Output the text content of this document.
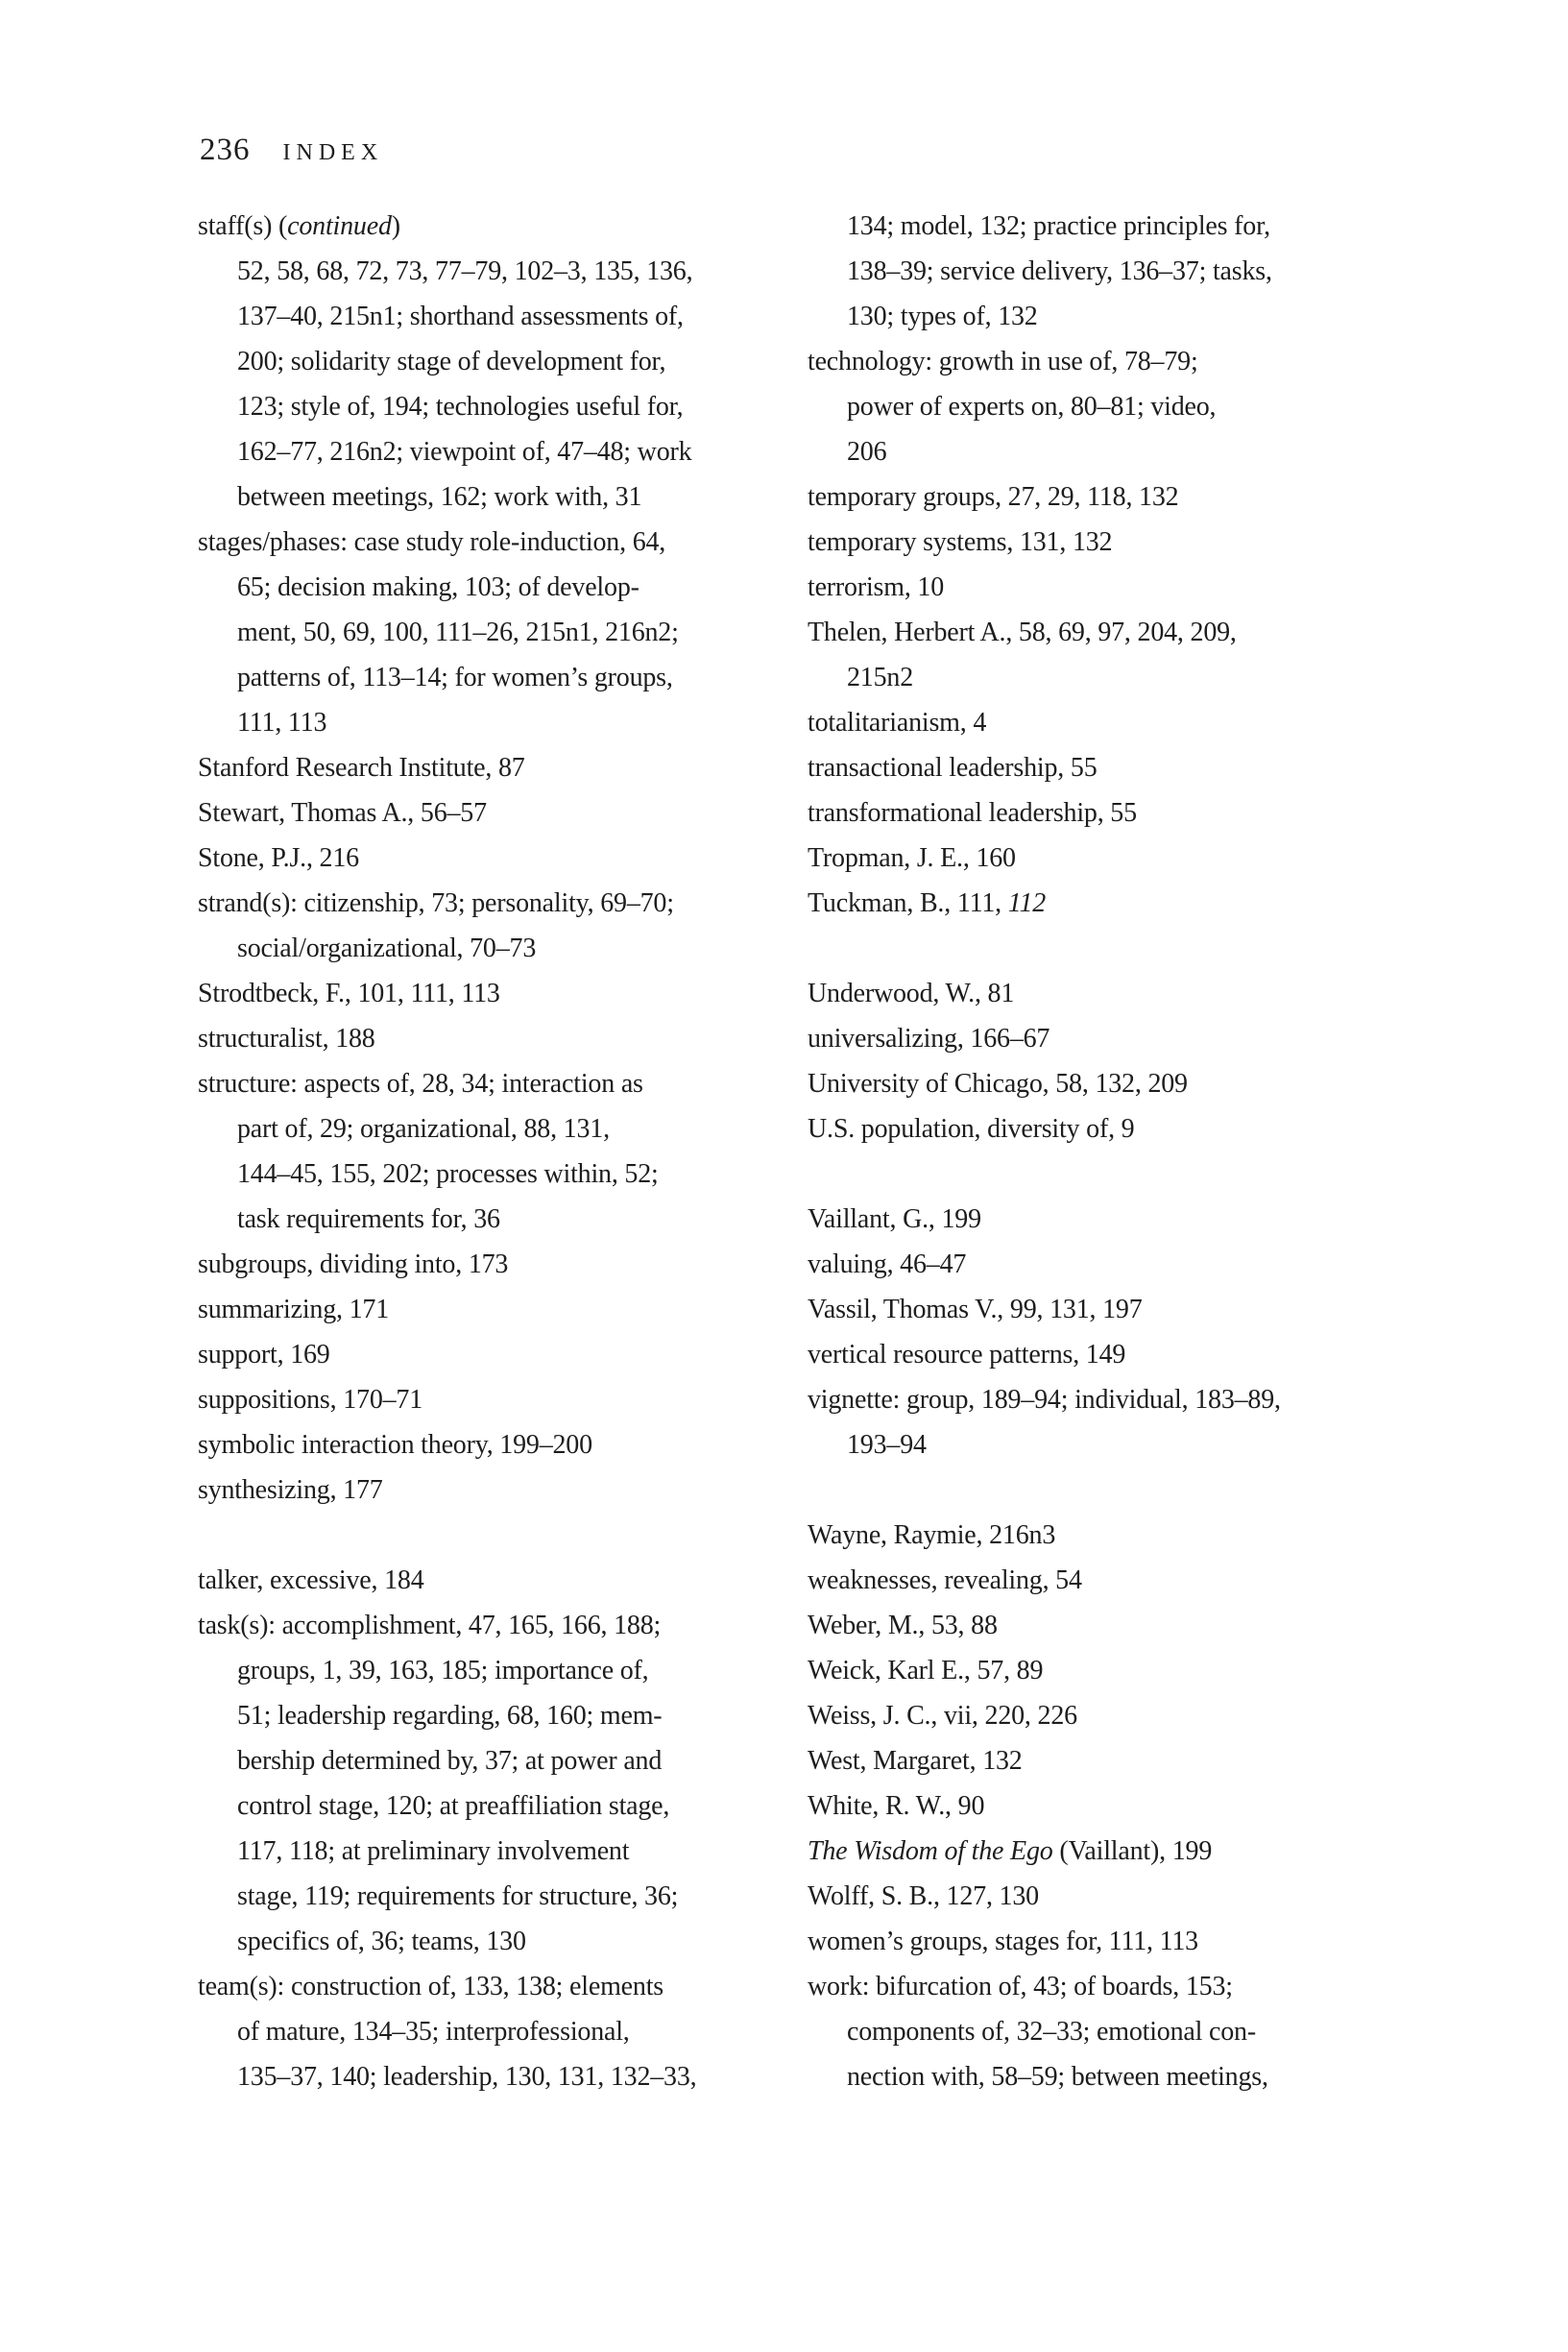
236 INDEX
staff(s) (continued)
52, 58, 68, 72, 73, 77–79, 102–3, 135, 136,
137–40, 215n1; shorthand assessments of,
200; solidarity stage of development for,
123; style of, 194; technologies useful for,
162–77, 216n2; viewpoint of, 47–48; work
between meetings, 162; work with, 31
stages/phases: case study role-induction, 64,
65; decision making, 103; of develop-
ment, 50, 69, 100, 111–26, 215n1, 216n2;
patterns of, 113–14; for women’s groups,
111, 113
Stanford Research Institute, 87
Stewart, Thomas A., 56–57
Stone, P.J., 216
strand(s): citizenship, 73; personality, 69–70;
social/organizational, 70–73
Strodtbeck, F., 101, 111, 113
structuralist, 188
structure: aspects of, 28, 34; interaction as
part of, 29; organizational, 88, 131,
144–45, 155, 202; processes within, 52;
task requirements for, 36
subgroups, dividing into, 173
summarizing, 171
support, 169
suppositions, 170–71
symbolic interaction theory, 199–200
synthesizing, 177
talker, excessive, 184
task(s): accomplishment, 47, 165, 166, 188;
groups, 1, 39, 163, 185; importance of,
51; leadership regarding, 68, 160; mem-
bership determined by, 37; at power and
control stage, 120; at preaffiliation stage,
117, 118; at preliminary involvement
stage, 119; requirements for structure, 36;
specifics of, 36; teams, 130
team(s): construction of, 133, 138; elements
of mature, 134–35; interprofessional,
135–37, 140; leadership, 130, 131, 132–33,
134; model, 132; practice principles for,
138–39; service delivery, 136–37; tasks,
130; types of, 132
technology: growth in use of, 78–79;
power of experts on, 80–81; video,
206
temporary groups, 27, 29, 118, 132
temporary systems, 131, 132
terrorism, 10
Thelen, Herbert A., 58, 69, 97, 204, 209,
215n2
totalitarianism, 4
transactional leadership, 55
transformational leadership, 55
Tropman, J. E., 160
Tuckman, B., 111, 112
Underwood, W., 81
universalizing, 166–67
University of Chicago, 58, 132, 209
U.S. population, diversity of, 9
Vaillant, G., 199
valuing, 46–47
Vassil, Thomas V., 99, 131, 197
vertical resource patterns, 149
vignette: group, 189–94; individual, 183–89,
193–94
Wayne, Raymie, 216n3
weaknesses, revealing, 54
Weber, M., 53, 88
Weick, Karl E., 57, 89
Weiss, J. C., vii, 220, 226
West, Margaret, 132
White, R. W., 90
The Wisdom of the Ego (Vaillant), 199
Wolff, S. B., 127, 130
women’s groups, stages for, 111, 113
work: bifurcation of, 43; of boards, 153;
components of, 32–33; emotional con-
nection with, 58–59; between meetings,
